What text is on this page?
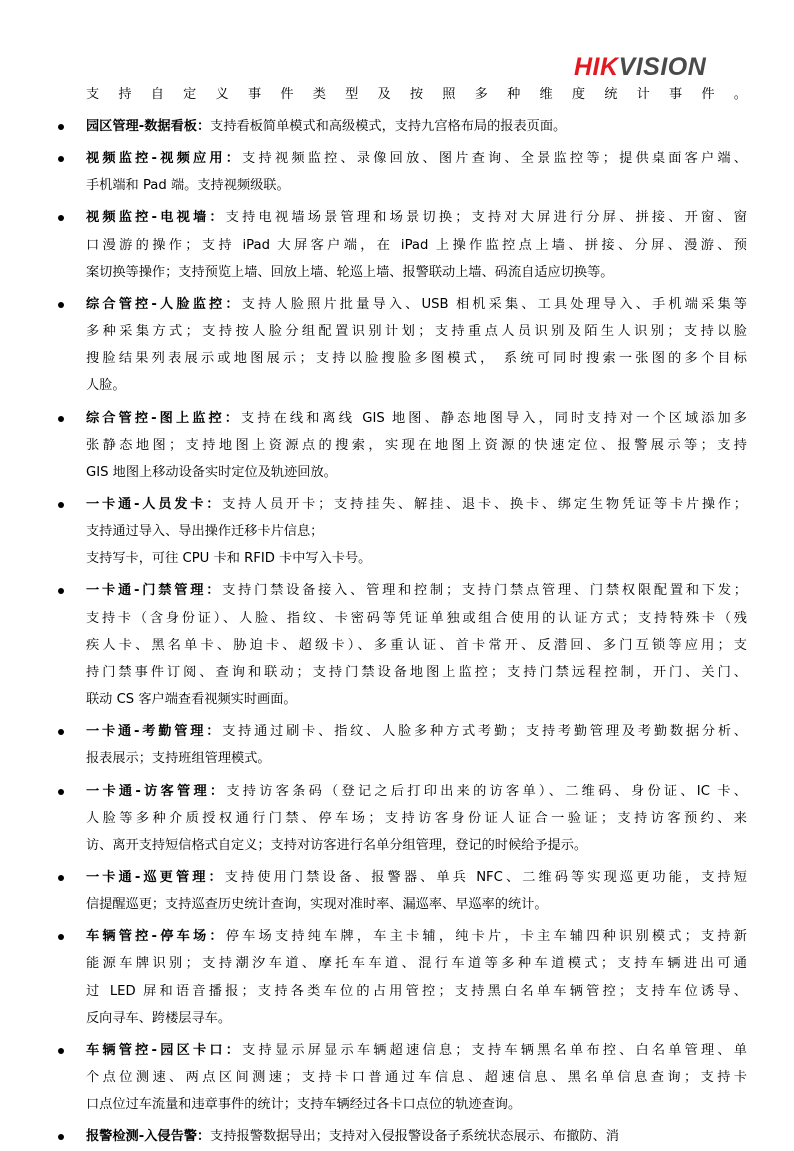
HIKVISION
支持自定义事件类型及按照多种维度统计事件。
园区管理-数据看板：支持看板简单模式和高级模式，支持九宫格布局的报表页面。
视频监控-视频应用：支持视频监控、录像回放、图片查询、全景监控等；提供桌面客户端、
手机端和 Pad 端。支持视频级联。
视频监控-电视墙：支持电视墙场景管理和场景切换；支持对大屏进行分屏、拼接、开窗、窗
口漫游的操作；支持 iPad 大屏客户端，在 iPad 上操作监控点上墙、拼接、分屏、漫游、预
案切换等操作；支持预览上墙、回放上墙、轮巡上墙、报警联动上墙、码流自适应切换等。
综合管控-人脸监控：支持人脸照片批量导入、USB 相机采集、工具处理导入、手机端采集等
多种采集方式；支持按人脸分组配置识别计划；支持重点人员识别及陌生人识别；支持以脸
搜脸结果列表展示或地图展示；支持以脸搜脸多图模式， 系统可同时搜索一张图的多个目标
人脸。
综合管控-图上监控：支持在线和离线 GIS 地图、静态地图导入，同时支持对一个区域添加多
张静态地图；支持地图上资源点的搜索，实现在地图上资源的快速定位、报警展示等；支持
GIS 地图上移动设备实时定位及轨迹回放。
一卡通-人员发卡：支持人员开卡；支持挂失、解挂、退卡、换卡、绑定生物凭证等卡片操作；
支持通过导入、导出操作迁移卡片信息；
支持写卡，可往 CPU 卡和 RFID 卡中写入卡号。
一卡通-门禁管理：支持门禁设备接入、管理和控制；支持门禁点管理、门禁权限配置和下发；
支持卡（含身份证）、人脸、指纹、卡密码等凭证单独或组合使用的认证方式；支持特殊卡（残
疾人卡、黑名单卡、胁迫卡、超级卡）、多重认证、首卡常开、反潜回、多门互锁等应用；支
持门禁事件订阅、查询和联动；支持门禁设备地图上监控；支持门禁远程控制，开门、关门、
联动 CS 客户端查看视频实时画面。
一卡通-考勤管理：支持通过刷卡、指纹、人脸多种方式考勤；支持考勤管理及考勤数据分析、
报表展示；支持班组管理模式。
一卡通-访客管理：支持访客条码（登记之后打印出来的访客单）、二维码、身份证、IC 卡、
人脸等多种介质授权通行门禁、停车场；支持访客身份证人证合一验证；支持访客预约、来
访、离开支持短信格式自定义；支持对访客进行名单分组管理，登记的时候给予提示。
一卡通-巡更管理：支持使用门禁设备、报警器、单兵 NFC、二维码等实现巡更功能，支持短
信提醒巡更；支持巡查历史统计查询，实现对准时率、漏巡率、早巡率的统计。
车辆管控-停车场：停车场支持纯车牌，车主卡辅，纯卡片，卡主车辅四种识别模式；支持新
能源车牌识别；支持潮汐车道、摩托车车道、混行车道等多种车道模式；支持车辆进出可通
过 LED 屏和语音播报；支持各类车位的占用管控；支持黑白名单车辆管控；支持车位诱导、
反向寻车、跨楼层寻车。
车辆管控-园区卡口：支持显示屏显示车辆超速信息；支持车辆黑名单布控、白名单管理、单
个点位测速、两点区间测速；支持卡口普通过车信息、超速信息、黑名单信息查询；支持卡
口点位过车流量和违章事件的统计；支持车辆经过各卡口点位的轨迹查询。
报警检测-入侵告警：支持报警数据导出；支持对入侵报警设备子系统状态展示、布撤防、消
